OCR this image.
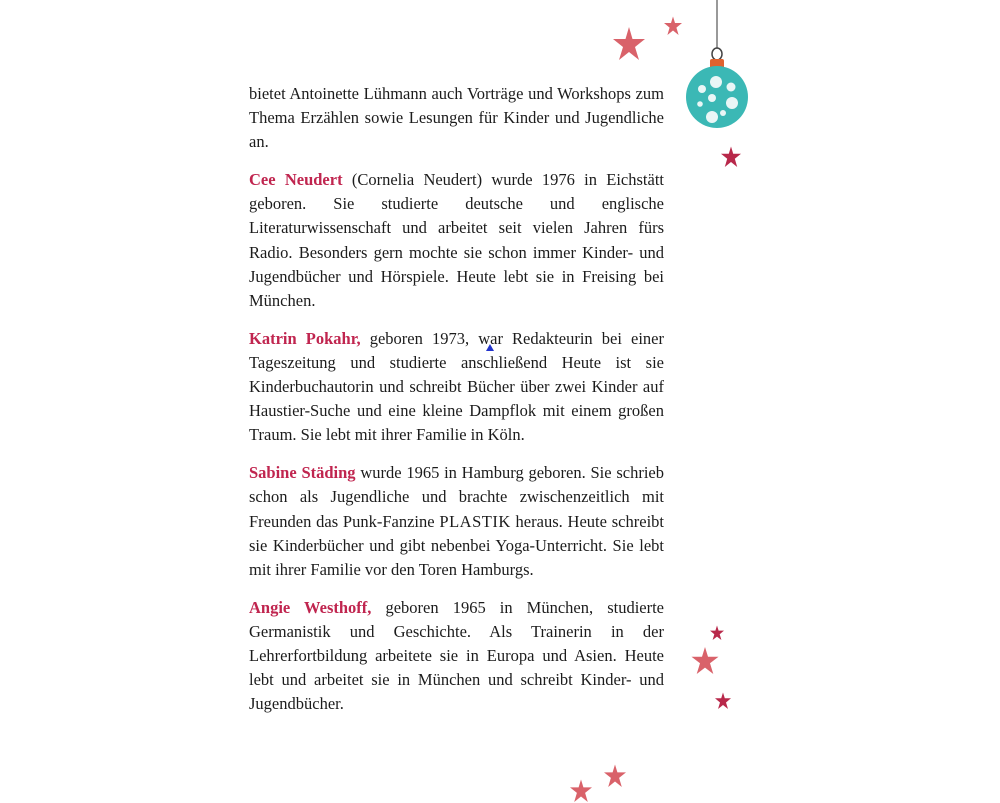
bietet Antoinette Lühmann auch Vorträge und Workshops zum Thema Erzählen sowie Lesungen für Kinder und Jugendliche an.

Cee Neudert (Cornelia Neudert) wurde 1976 in Eichstätt geboren. Sie studierte deutsche und englische Literaturwissenschaft und arbeitet seit vielen Jahren fürs Radio. Besonders gern mochte sie schon immer Kinder- und Jugendbücher und Hörspiele. Heute lebt sie in Freising bei München.

Katrin Pokahr, geboren 1973, war Redakteurin bei einer Tageszeitung und studierte anschließend Heute ist sie Kinderbuchautorin und schreibt Bücher über zwei Kinder auf Haustier-Suche und eine kleine Dampflok mit einem großen Traum. Sie lebt mit ihrer Familie in Köln.

Sabine Städing wurde 1965 in Hamburg geboren. Sie schrieb schon als Jugendliche und brachte zwischenzeitlich mit Freunden das Punk-Fanzine PLASTIK heraus. Heute schreibt sie Kinderbücher und gibt nebenbei Yoga-Unterricht. Sie lebt mit ihrer Familie vor den Toren Hamburgs.

Angie Westhoff, geboren 1965 in München, studierte Germanistik und Geschichte. Als Trainerin in der Lehrerfortbildung arbeitete sie in Europa und Asien. Heute lebt und arbeitet sie in München und schreibt Kinder- und Jugendbücher.
